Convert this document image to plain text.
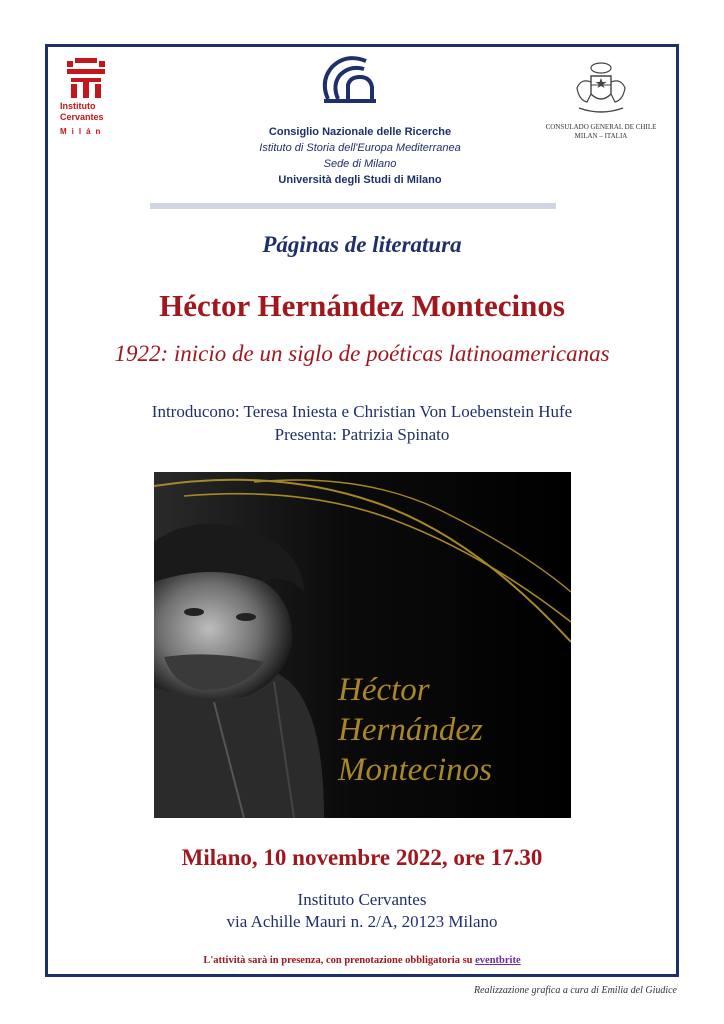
Instituto
Cervantes
Milán	Consiglio Nazionale delle Ricerche
Istituto di Storia dell'Europa Mediterranea
Sede di Milano
Università degli Studi di Milano
CONSULADO GENERAL DE CHILE
MILAN – ITALIA
Páginas de literatura
Héctor Hernández Montecinos
1922: inicio de un siglo de poéticas latinoamericanas
Introducono: Teresa Iniesta e Christian Von Loebenstein Hufe
Presenta: Patrizia Spinato
Héctor
Hernández
Montecinos
Milano, 10 novembre 2022, ore 17.30
Instituto Cervantes
via Achille Mauri n. 2/A, 20123 Milano
L'attività sarà in presenza, con prenotazione obbligatoria su eventbrite
Realizzazione grafica a cura di Emilia del Giudice
